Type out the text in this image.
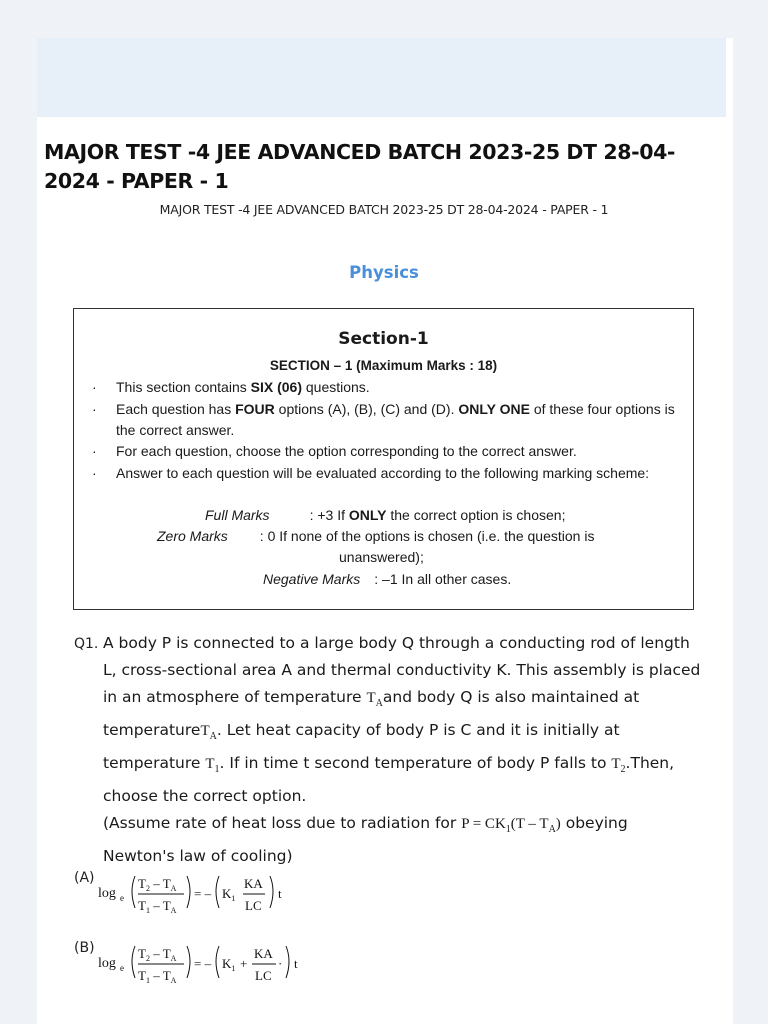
MAJOR TEST -4 JEE ADVANCED BATCH 2023-25 DT 28-04-2024 - PAPER - 1
MAJOR TEST -4 JEE ADVANCED BATCH 2023-25 DT 28-04-2024 - PAPER - 1
Physics
Section-1
SECTION – 1 (Maximum Marks : 18)
· This section contains SIX (06) questions.
· Each question has FOUR options (A), (B), (C) and (D). ONLY ONE of these four options is the correct answer.
· For each question, choose the option corresponding to the correct answer.
· Answer to each question will be evaluated according to the following marking scheme:
Full Marks	: +3 If ONLY the correct option is chosen;
Zero Marks : 0 If none of the options is chosen (i.e. the question is
unanswered);
Negative Marks : –1 In all other cases.
Q1. A body P is connected to a large body Q through a conducting rod of length L, cross-sectional area A and thermal conductivity K. This assembly is placed in an atmosphere of temperature $T_Aand$ body Q is also maintained at temperatureT$_A$. Let heat capacity of body P is C and it is initially at temperature $T_1$. If in time t second temperature of body P falls to $T_2.Then$, choose the correct option.
(Assume rate of heat loss due to radiation for $P = CK_1(T - T_A)$ obeying Newton's law of cooling)
(A)
log e
$T_2 - T_A$
$T_1 - T_A$
= – $K_1$
KA
LC
t
(B)
log e
$T_2 - T_A$
$T_1 - T_A$
= – $K_1$ +
KA
LC
· t
